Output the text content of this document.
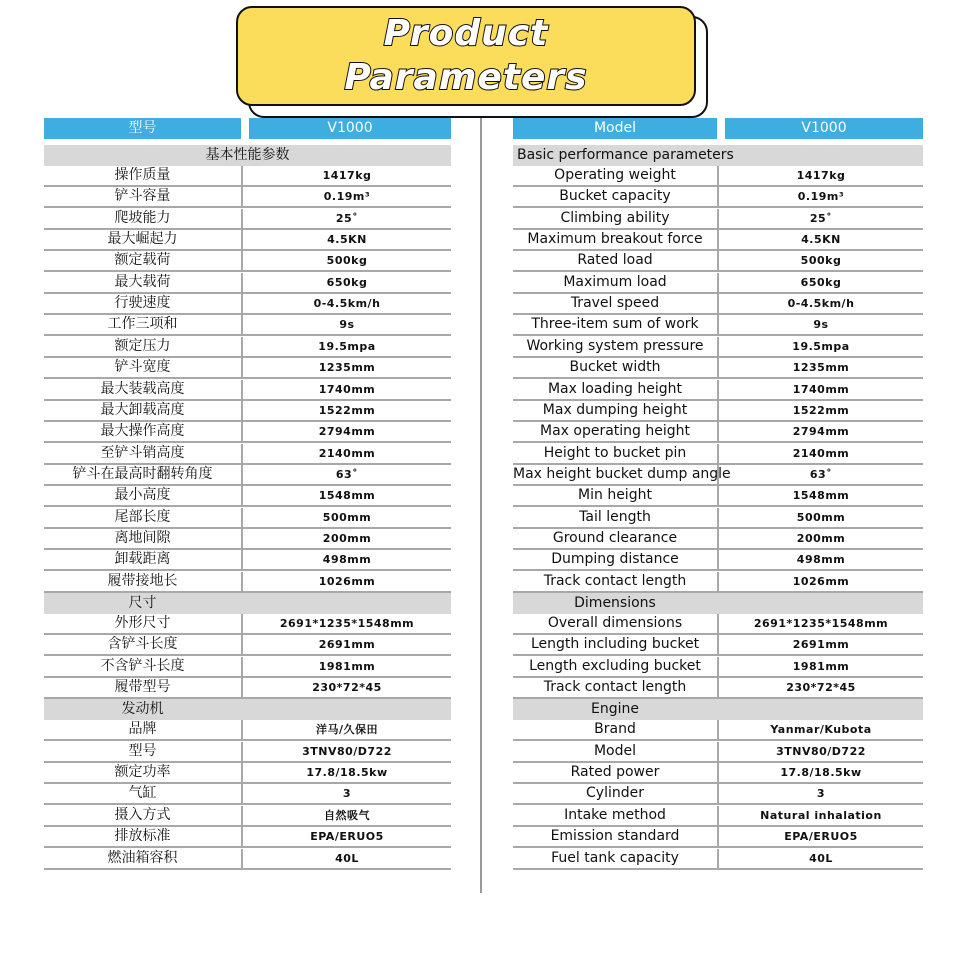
Product
Parameters
型号	V1000
基本性能参数
操作质量	1417kg
铲斗容量	0.19m³
爬坡能力	25˚
最大崛起力	4.5KN
额定载荷	500kg
最大载荷	650kg
行驶速度	0-4.5km/h
工作三项和	9s
额定压力	19.5mpa
铲斗宽度	1235mm
最大装载高度	1740mm
最大卸载高度	1522mm
最大操作高度	2794mm
至铲斗销高度	2140mm
铲斗在最高时翻转角度	63˚
最小高度	1548mm
尾部长度	500mm
离地间隙	200mm
卸载距离	498mm
履带接地长	1026mm
尺寸
外形尺寸	2691*1235*1548mm
含铲斗长度	2691mm
不含铲斗长度	1981mm
履带型号	230*72*45
发动机
品牌	洋马/久保田
型号	3TNV80/D722
额定功率	17.8/18.5kw
气缸	3
摄入方式	自然吸气
排放标准	EPA/ERUO5
燃油箱容积	40L
Model	V1000
Basic performance parameters
Operating weight	1417kg
Bucket capacity	0.19m³
Climbing ability	25˚
Maximum breakout force	4.5KN
Rated load	500kg
Maximum load	650kg
Travel speed	0-4.5km/h
Three-item sum of work	9s
Working system pressure	19.5mpa
Bucket width	1235mm
Max loading height	1740mm
Max dumping height	1522mm
Max operating height	2794mm
Height to bucket pin	2140mm
Max height bucket dump angle	63˚
Min height	1548mm
Tail length	500mm
Ground clearance	200mm
Dumping distance	498mm
Track contact length	1026mm
Dimensions
Overall dimensions	2691*1235*1548mm
Length including bucket	2691mm
Length excluding bucket	1981mm
Track contact length	230*72*45
Engine
Brand	Yanmar/Kubota
Model	3TNV80/D722
Rated power	17.8/18.5kw
Cylinder	3
Intake method	Natural inhalation
Emission standard	EPA/ERUO5
Fuel tank capacity	40L
